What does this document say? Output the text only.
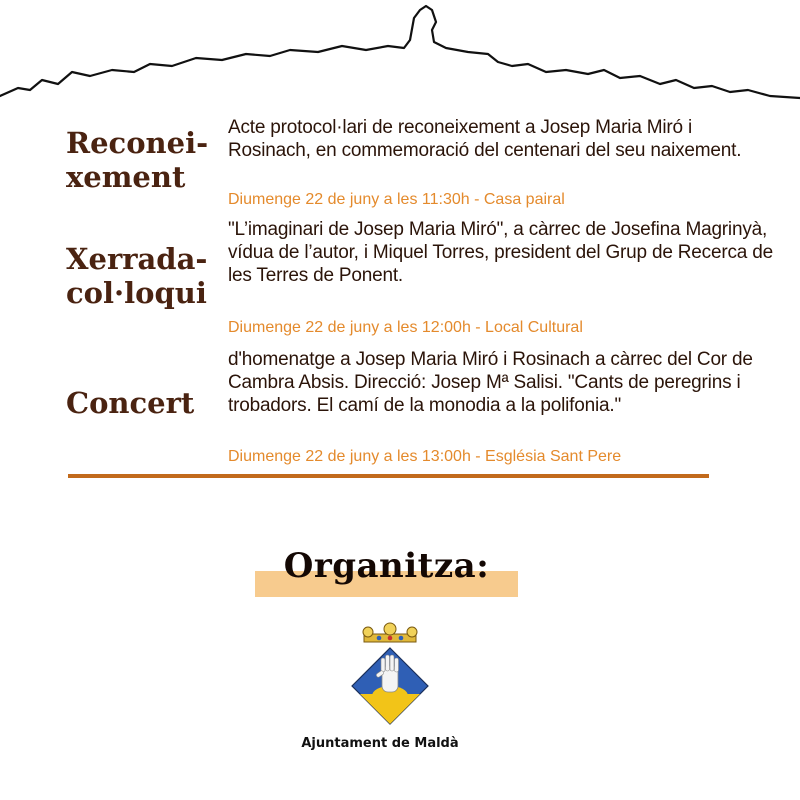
Reconei-
xement

Acte protocol·lari de reconeixement a Josep Maria Miró i Rosinach, en commemoració del centenari del seu naixement.

Diumenge 22 de juny a les 11:30h - Casa pairal
Xerrada-
col·loqui

"L’imaginari de Josep Maria Miró", a càrrec de Josefina Magrinyà, vídua de l’autor, i Miquel Torres, president del Grup de Recerca de les Terres de Ponent.

Diumenge 22 de juny a les 12:00h - Local Cultural
Concert

d'homenatge a Josep Maria Miró i Rosinach a càrrec del Cor de Cambra Absis. Direcció: Josep Mª Salisi. "Cants de peregrins i trobadors. El camí de la monodia a la polifonia."

Diumenge 22 de juny a les 13:00h - Església Sant Pere
Organitza:
Ajuntament de Maldà
